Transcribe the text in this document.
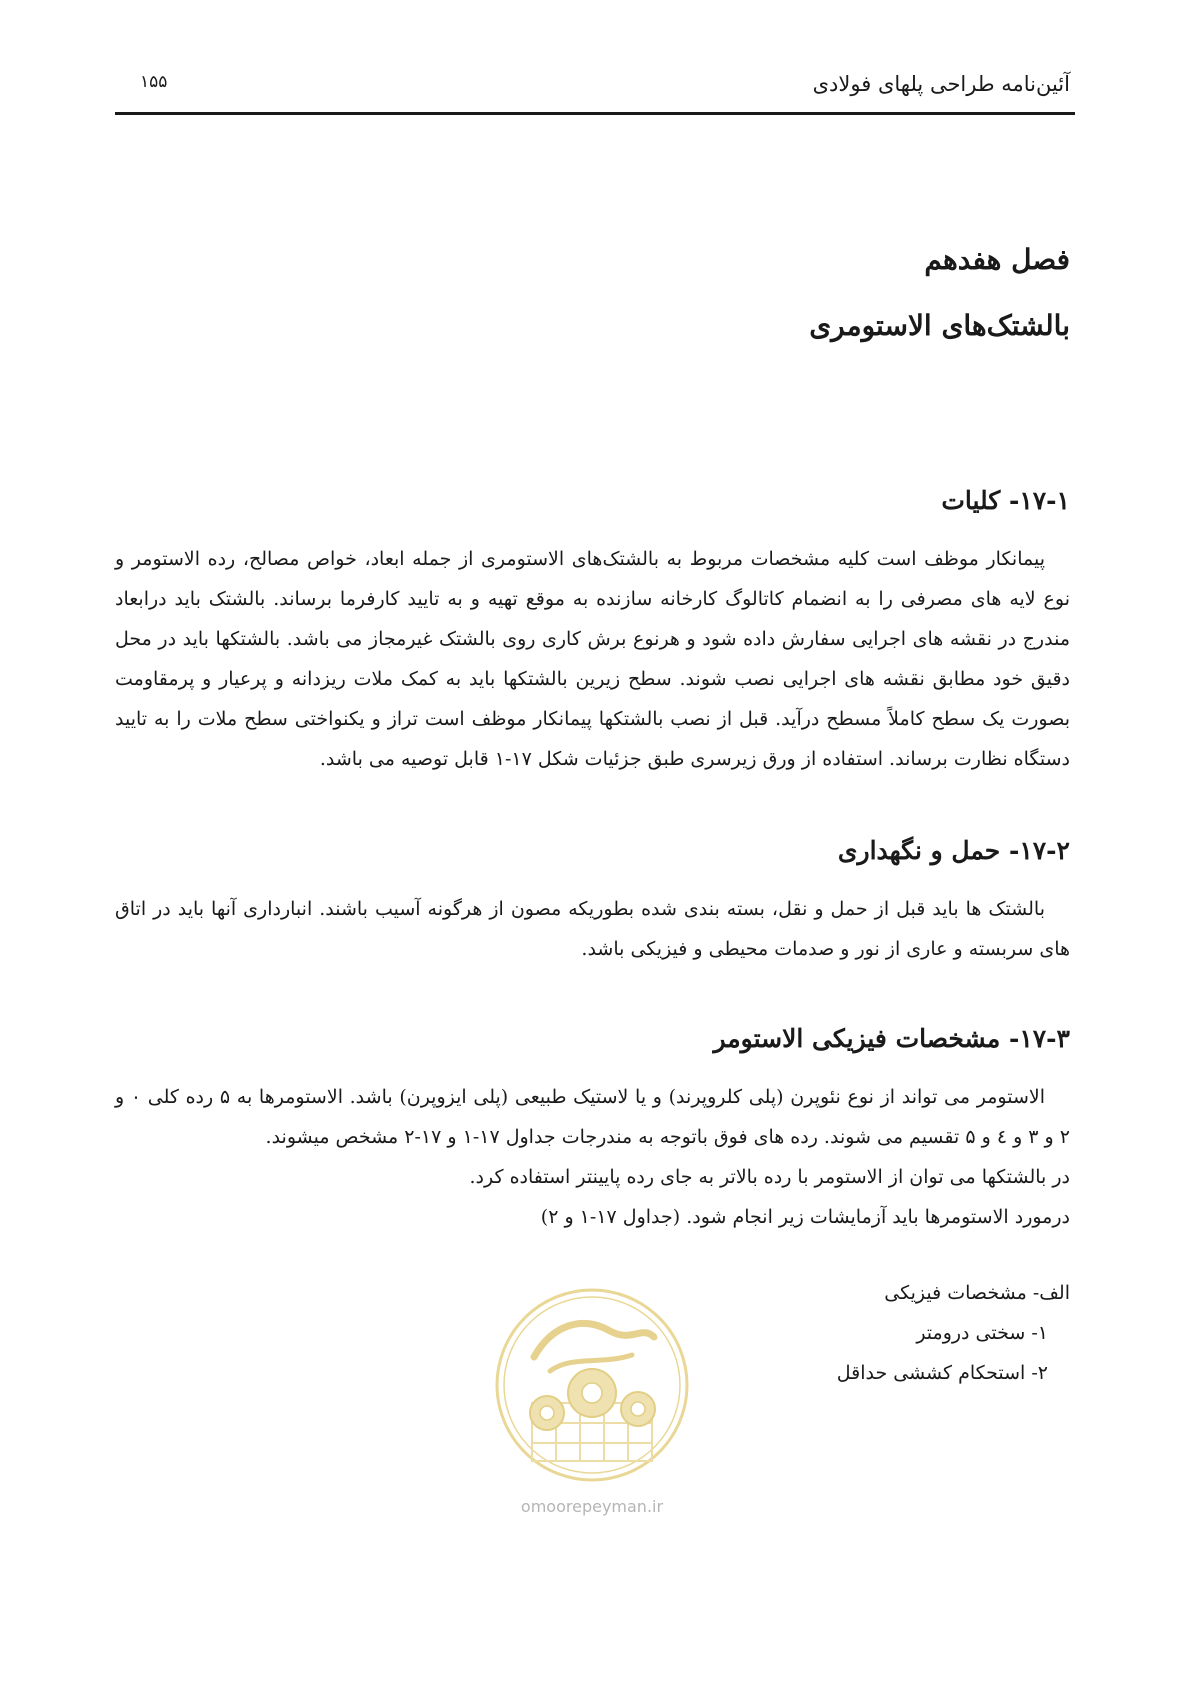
آئین‌نامه طراحی پلهای فولادی
۱۵۵
فصل هفدهم
بالشتک‌های الاستومری
۱۷-۱- کلیات

پیمانکار موظف است کلیه مشخصات مربوط به بالشتک‌های الاستومری از جمله ابعاد، خواص مصالح، رده الاستومر و نوع لایه های مصرفی را به انضمام کاتالوگ کارخانه سازنده به موقع تهیه و به تایید کارفرما برساند. بالشتک باید درابعاد مندرج در نقشه های اجرایی سفارش داده شود و هرنوع برش کاری روی بالشتک غیرمجاز می باشد. بالشتکها باید در محل دقیق خود مطابق نقشه های اجرایی نصب شوند. سطح زیرین بالشتکها باید به کمک ملات ریزدانه و پرعیار و پرمقاومت بصورت یک سطح کاملاً مسطح درآید. قبل از نصب بالشتکها پیمانکار موظف است تراز و یکنواختی سطح ملات را به تایید دستگاه نظارت برساند. استفاده از ورق زیرسری طبق جزئیات شکل ۱۷-۱ قابل توصیه می باشد.

۱۷-۲- حمل و نگهداری

بالشتک ها باید قبل از حمل و نقل، بسته بندی شده بطوریکه مصون از هرگونه آسیب باشند. انبارداری آنها باید در اتاق های سربسته و عاری از نور و صدمات محیطی و فیزیکی باشد.

۱۷-۳- مشخصات فیزیکی الاستومر

الاستومر می تواند از نوع نئوپرن (پلی کلروپرند) و یا لاستیک طبیعی (پلی ایزوپرن) باشد. الاستومرها به ۵ رده کلی ۰ و ۲ و ۳ و ٤ و ۵ تقسیم می شوند. رده های فوق باتوجه به مندرجات جداول ۱۷-۱ و ۱۷-۲ مشخص میشوند.

در بالشتکها می توان از الاستومر با رده بالاتر به جای رده پایینتر استفاده کرد.

درمورد الاستومرها باید آزمایشات زیر انجام شود. (جداول ۱۷-۱ و ۲)

الف- مشخصات فیزیکی
۱- سختی درومتر
۲- استحکام کششی حداقل
omoorepeyman.ir
